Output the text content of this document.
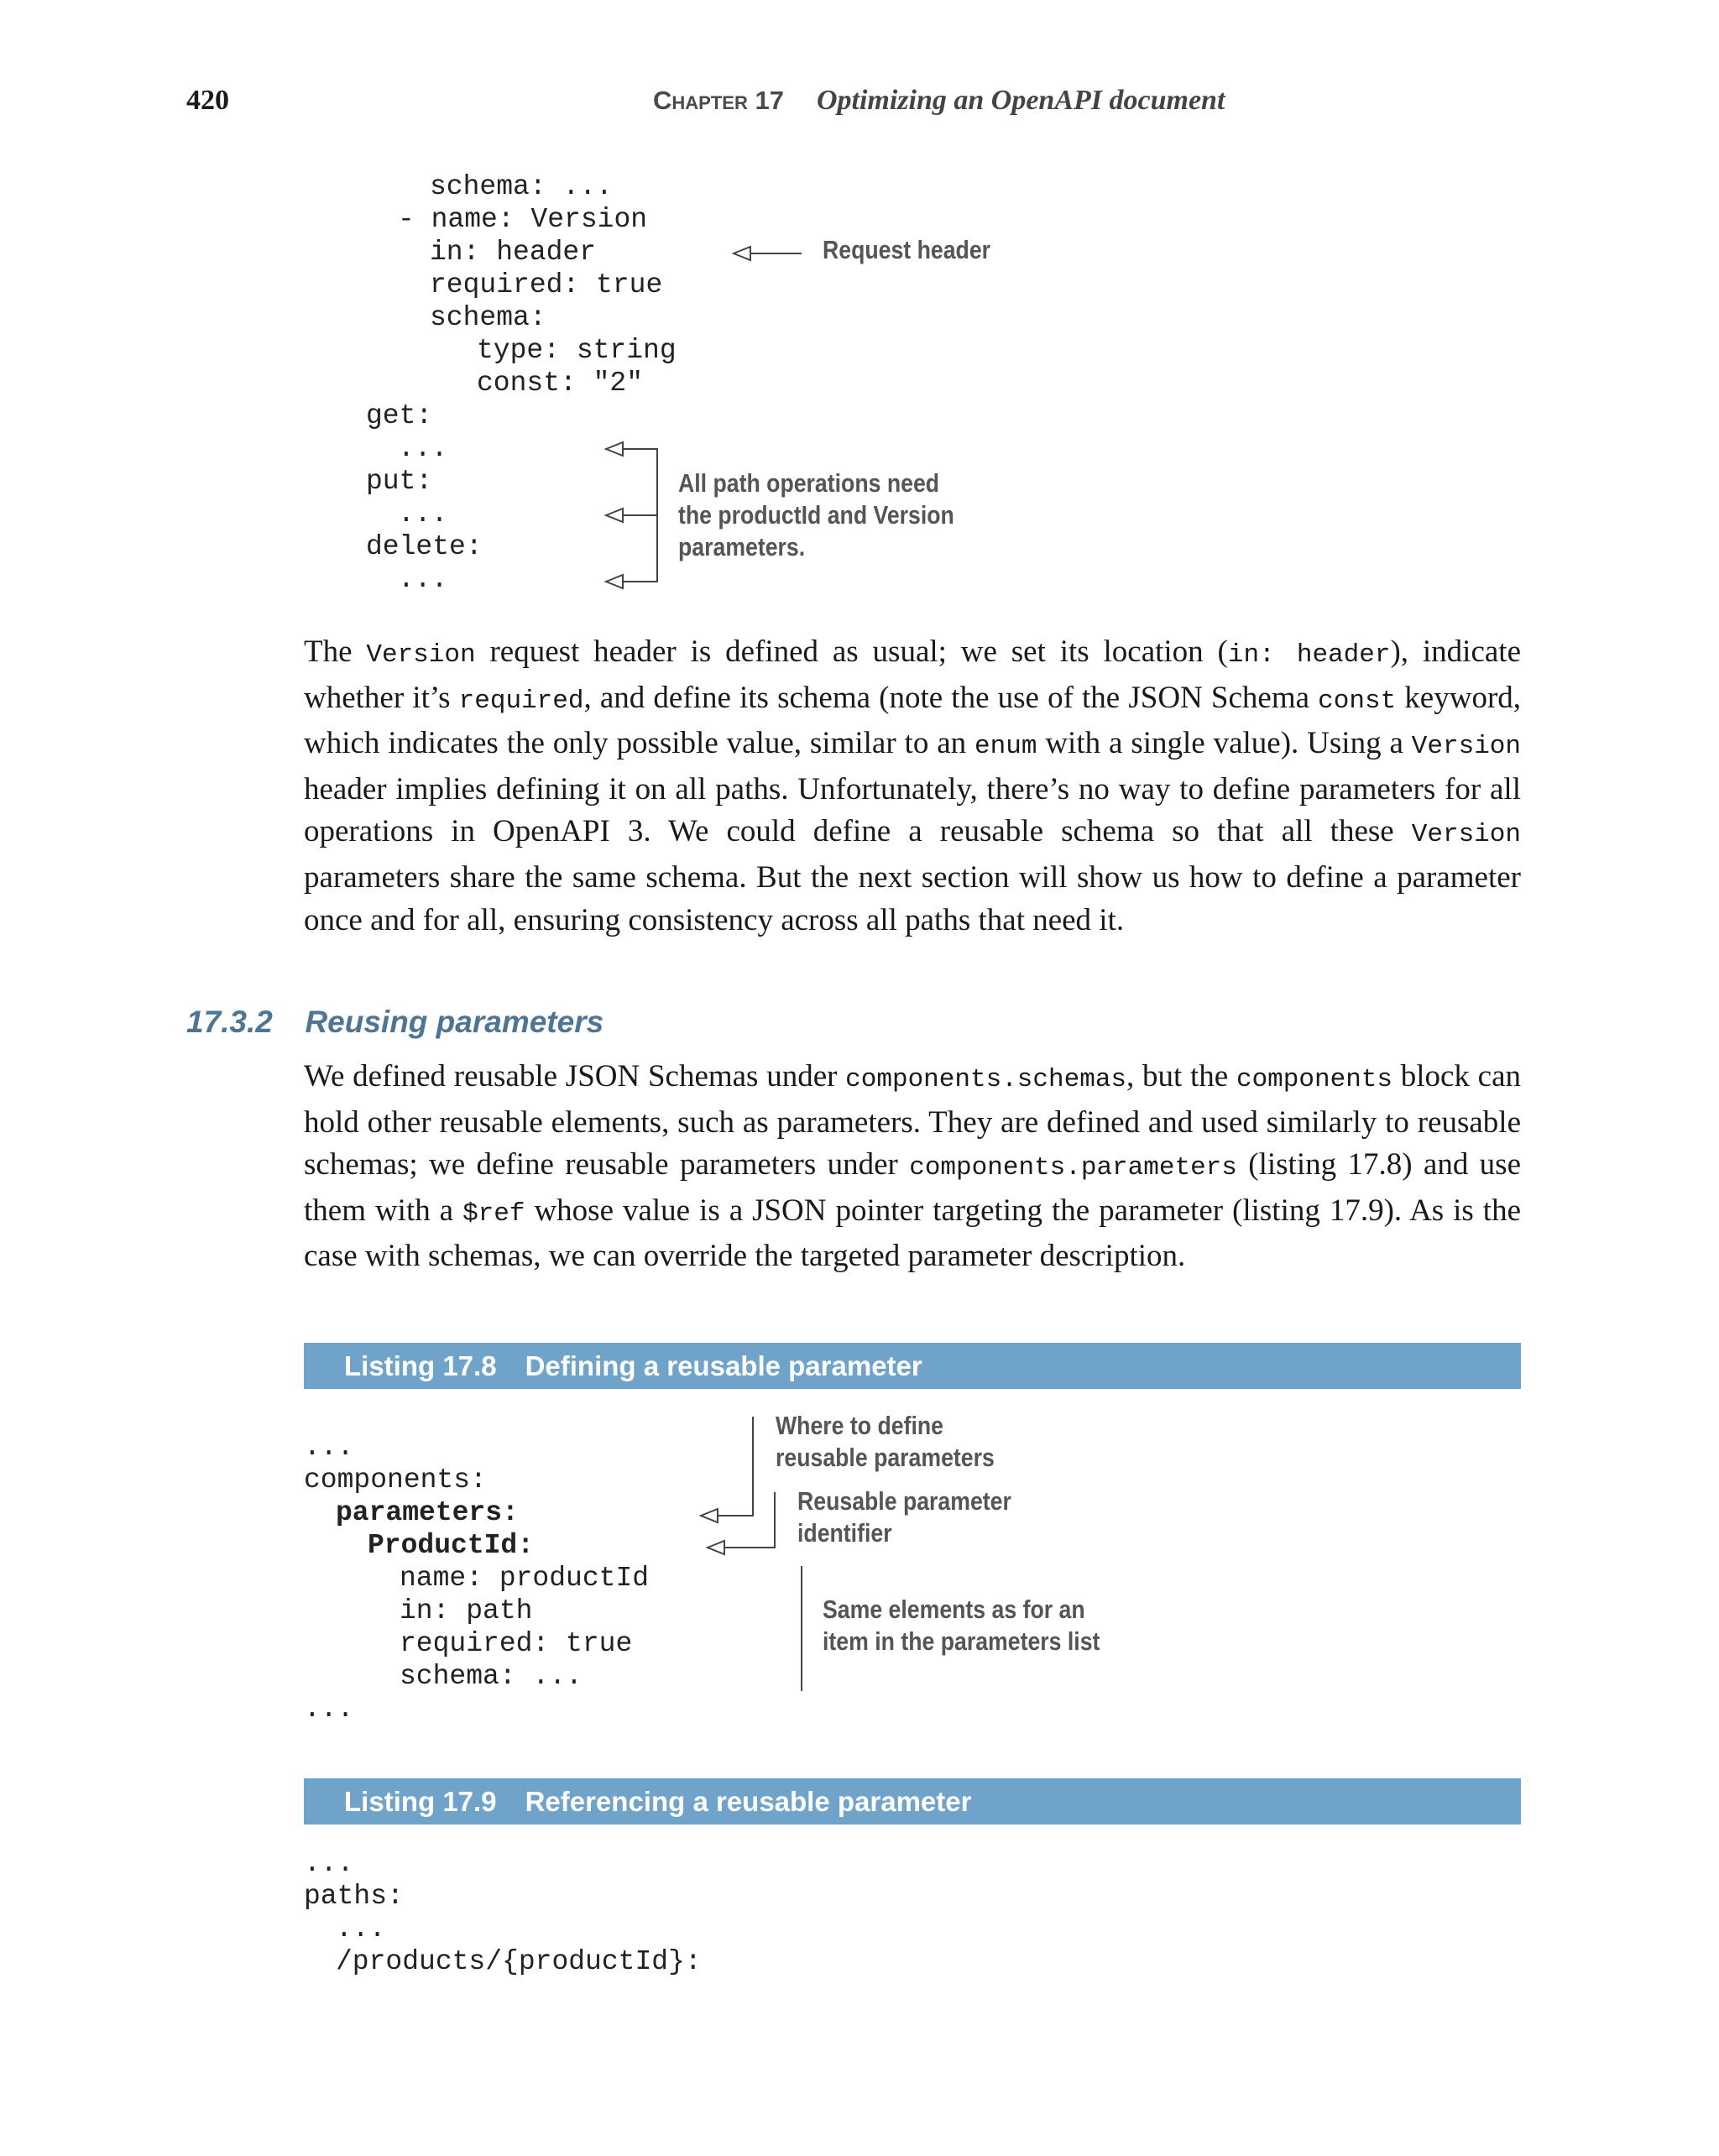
420	Chapter 17 Optimizing an OpenAPI document
schema: ...
- name: Version
in: header
required: true
schema:
type: string
const: "2"
get:
...
put:
...
delete:
...
Request header
All path operations need
the productId and Version
parameters.
The Version request header is defined as usual; we set its location (in: header), indicate whether it’s required, and define its schema (note the use of the JSON Schema const keyword, which indicates the only possible value, similar to an enum with a single value). Using a Version header implies defining it on all paths. Unfortunately, there’s no way to define parameters for all operations in OpenAPI 3. We could define a reusable schema so that all these Version parameters share the same schema. But the next section will show us how to define a parameter once and for all, ensuring consistency across all paths that need it.
17.3.2 Reusing parameters
We defined reusable JSON Schemas under components.schemas, but the components block can hold other reusable elements, such as parameters. They are defined and used similarly to reusable schemas; we define reusable parameters under components.parameters (listing 17.8) and use them with a $ref whose value is a JSON pointer targeting the parameter (listing 17.9). As is the case with schemas, we can override the targeted parameter description.
Listing 17.8 Defining a reusable parameter
...
components:
parameters:
ProductId:
name: productId
in: path
required: true
schema: ...
...
Where to define
reusable parameters
Reusable parameter
identifier
Same elements as for an
item in the parameters list
Listing 17.9 Referencing a reusable parameter
...
paths:
...
/products/{productId}:
